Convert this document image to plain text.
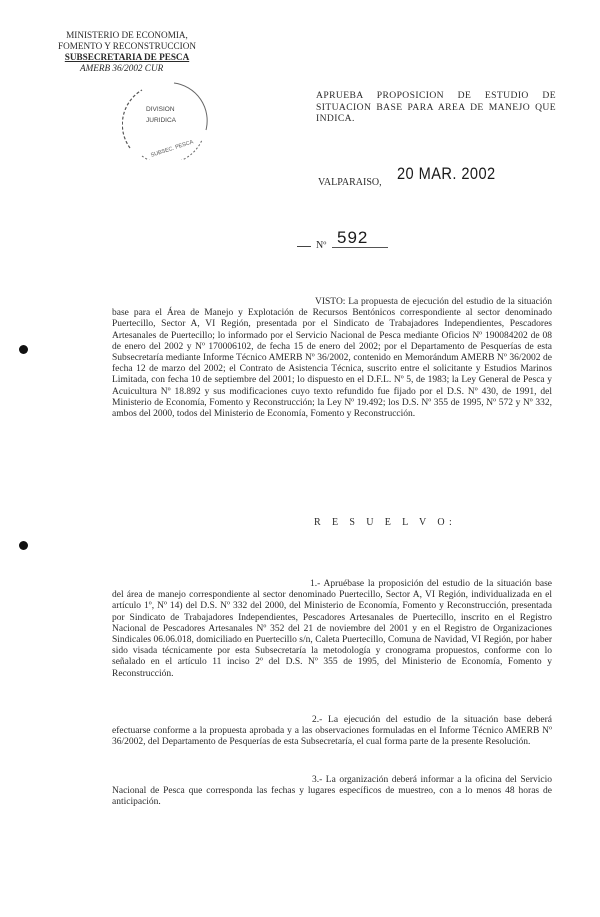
MINISTERIO DE ECONOMIA,
FOMENTO Y RECONSTRUCCION
SUBSECRETARIA DE PESCA
AMERB 36/2002 CUR
DIVISION
JURIDICA
SUBSEC. PESCA
APRUEBA PROPOSICION DE ESTUDIO DE SITUACION BASE PARA AREA DE MANEJO QUE INDICA.
VALPARAISO, 20 MAR. 2002
Nº 592
VISTO: La propuesta de ejecución del estudio de la situación base para el Área de Manejo y Explotación de Recursos Bentónicos correspondiente al sector denominado Puertecillo, Sector A, VI Región, presentada por el Sindicato de Trabajadores Independientes, Pescadores Artesanales de Puertecillo; lo informado por el Servicio Nacional de Pesca mediante Oficios Nº 190084202 de 08 de enero del 2002 y Nº 170006102, de fecha 15 de enero del 2002; por el Departamento de Pesquerías de esta Subsecretaría mediante Informe Técnico AMERB Nº 36/2002, contenido en Memorándum AMERB Nº 36/2002 de fecha 12 de marzo del 2002; el Contrato de Asistencia Técnica, suscrito entre el solicitante y Estudios Marinos Limitada, con fecha 10 de septiembre del 2001; lo dispuesto en el D.F.L. Nº 5, de 1983; la Ley General de Pesca y Acuicultura Nº 18.892 y sus modificaciones cuyo texto refundido fue fijado por el D.S. Nº 430, de 1991, del Ministerio de Economía, Fomento y Reconstrucción; la Ley Nº 19.492; los D.S. Nº 355 de 1995, Nº 572 y Nº 332, ambos del 2000, todos del Ministerio de Economía, Fomento y Reconstrucción.
R E S U E L V O:
1.- Apruébase la proposición del estudio de la situación base del área de manejo correspondiente al sector denominado Puertecillo, Sector A, VI Región, individualizada en el artículo 1º, Nº 14) del D.S. Nº 332 del 2000, del Ministerio de Economía, Fomento y Reconstrucción, presentada por Sindicato de Trabajadores Independientes, Pescadores Artesanales de Puertecillo, inscrito en el Registro Nacional de Pescadores Artesanales Nº 352 del 21 de noviembre del 2001 y en el Registro de Organizaciones Sindicales 06.06.018, domiciliado en Puertecillo s/n, Caleta Puertecillo, Comuna de Navidad, VI Región, por haber sido visada técnicamente por esta Subsecretaría la metodología y cronograma propuestos, conforme con lo señalado en el artículo 11 inciso 2º del D.S. Nº 355 de 1995, del Ministerio de Economía, Fomento y Reconstrucción.
2.- La ejecución del estudio de la situación base deberá efectuarse conforme a la propuesta aprobada y a las observaciones formuladas en el Informe Técnico AMERB Nº 36/2002, del Departamento de Pesquerías de esta Subsecretaría, el cual forma parte de la presente Resolución.
3.- La organización deberá informar a la oficina del Servicio Nacional de Pesca que corresponda las fechas y lugares específicos de muestreo, con a lo menos 48 horas de anticipación.
